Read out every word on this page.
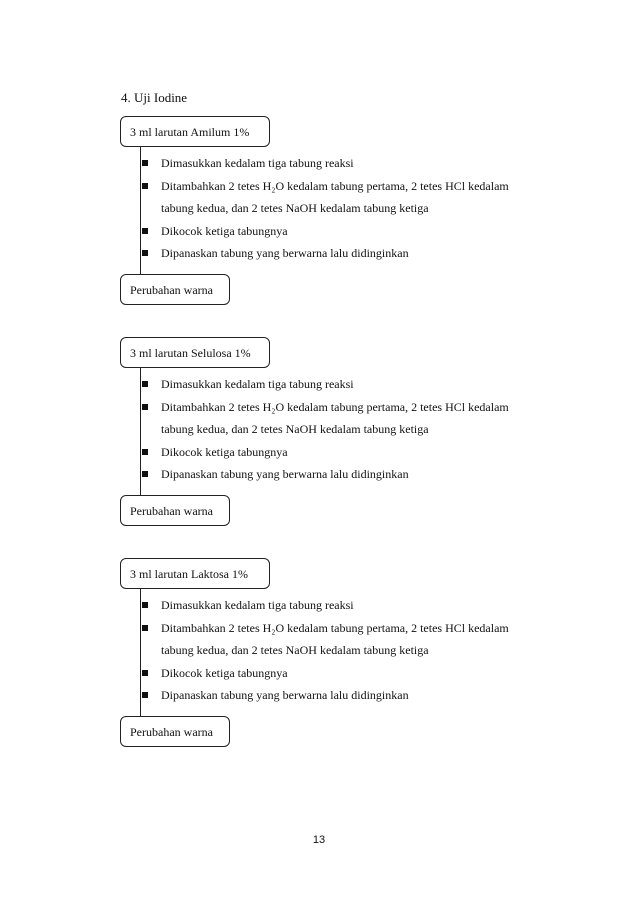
4. Uji Iodine
3 ml larutan Amilum 1%
Dimasukkan kedalam tiga tabung reaksi
Ditambahkan 2 tetes H₂O kedalam tabung pertama, 2 tetes HCl kedalam
tabung kedua, dan 2 tetes NaOH kedalam tabung ketiga
Dikocok ketiga tabungnya
Dipanaskan tabung yang berwarna lalu didinginkan
Perubahan warna
3 ml larutan Selulosa 1%
Dimasukkan kedalam tiga tabung reaksi
Ditambahkan 2 tetes H₂O kedalam tabung pertama, 2 tetes HCl kedalam
tabung kedua, dan 2 tetes NaOH kedalam tabung ketiga
Dikocok ketiga tabungnya
Dipanaskan tabung yang berwarna lalu didinginkan
Perubahan warna
3 ml larutan Laktosa 1%
Dimasukkan kedalam tiga tabung reaksi
Ditambahkan 2 tetes H₂O kedalam tabung pertama, 2 tetes HCl kedalam
tabung kedua, dan 2 tetes NaOH kedalam tabung ketiga
Dikocok ketiga tabungnya
Dipanaskan tabung yang berwarna lalu didinginkan
Perubahan warna
13
